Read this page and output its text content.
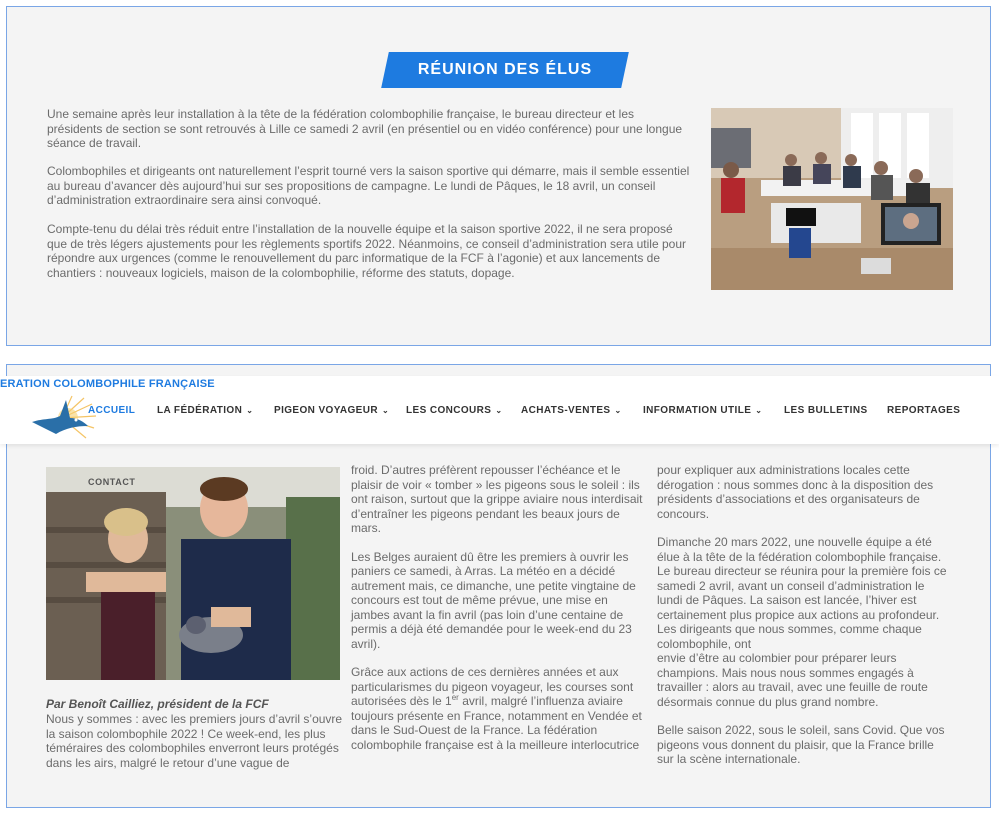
RÉUNION DES ÉLUS

Une semaine après leur installation à la tête de la fédération colombophilie française, le bureau directeur et les présidents de section se sont retrouvés à Lille ce samedi 2 avril (en présentiel ou en vidéo conférence) pour une longue séance de travail.

Colombophiles et dirigeants ont naturellement l’esprit tourné vers la saison sportive qui démarre, mais il semble essentiel au bureau d’avancer dès aujourd’hui sur ses propositions de campagne. Le lundi de Pâques, le 18 avril, un conseil d’administration extraordinaire sera ainsi convoqué.

Compte-tenu du délai très réduit entre l’installation de la nouvelle équipe et la saison sportive 2022, il ne sera proposé que de très légers ajustements pour les règlements sportifs 2022. Néanmoins, ce conseil d’administration sera utile pour répondre aux urgences (comme le renouvellement du parc informatique de la FCF à l’agonie) et aux lancements de chantiers : nouveaux logiciels, maison de la colombophilie, réforme des statuts, dopage.

ERATION COLOMBOPHILE FRANÇAISE
ACCUEIL LA FÉDÉRATION ⌄ PIGEON VOYAGEUR ⌄ LES CONCOURS ⌄ ACHATS-VENTES ⌄ INFORMATION UTILE ⌄ LES BULLETINS REPORTAGES
CONTACT
Par Benoît Cailliez, président de la FCF

Nous y sommes : avec les premiers jours d’avril s’ouvre la saison colombophile 2022 ! Ce week-end, les plus téméraires des colombophiles enverront leurs protégés dans les airs, malgré le retour d’une vague de

froid. D’autres préfèrent repousser l’échéance et le plaisir de voir « tomber » les pigeons sous le soleil : ils ont raison, surtout que la grippe aviaire nous interdisait d’entraîner les pigeons pendant les beaux jours de mars.

Les Belges auraient dû être les premiers à ouvrir les paniers ce samedi, à Arras. La météo en a décidé autrement mais, ce dimanche, une petite vingtaine de concours est tout de même prévue, une mise en jambes avant la fin avril (pas loin d’une centaine de permis a déjà été demandée pour le week-end du 23 avril).

Grâce aux actions de ces dernières années et aux particularismes du pigeon voyageur, les courses sont autorisées dès le 1er avril, malgré l’influenza aviaire toujours présente en France, notamment en Vendée et dans le Sud-Ouest de la France. La fédération colombophile française est à la meilleure interlocutrice

pour expliquer aux administrations locales cette dérogation : nous sommes donc à la disposition des présidents d’associations et des organisateurs de concours.

Dimanche 20 mars 2022, une nouvelle équipe a été élue à la tête de la fédération colombophile française. Le bureau directeur se réunira pour la première fois ce samedi 2 avril, avant un conseil d’administration le lundi de Pâques. La saison est lancée, l’hiver est certainement plus propice aux actions au profondeur. Les dirigeants que nous sommes, comme chaque colombophile, ont
envie d’être au colombier pour préparer leurs champions. Mais nous nous sommes engagés à travailler : alors au travail, avec une feuille de route désormais connue du plus grand nombre.

Belle saison 2022, sous le soleil, sans Covid. Que vos pigeons vous donnent du plaisir, que la France brille sur la scène internationale.
